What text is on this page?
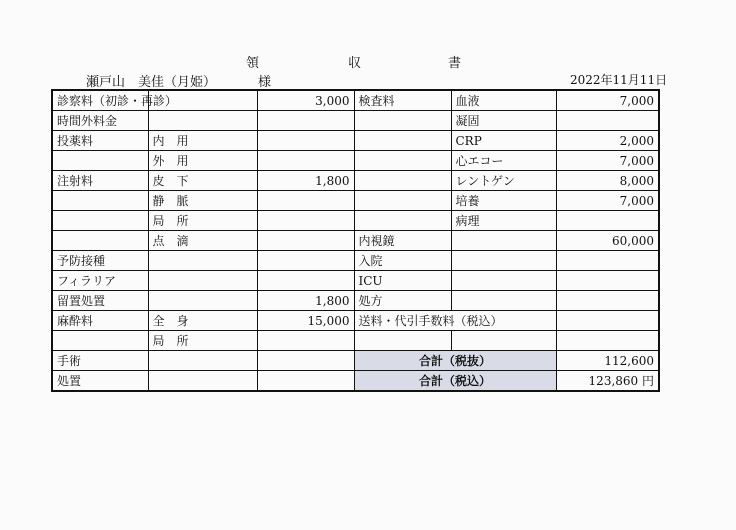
領	収	書
瀬戸山　美佳（月姫）	様	2022年11月11日
診察料（初診・再診）		3,000	検査料	血液	7,000
時間外料金				凝固	
投薬料	内　用			CRP	2,000
	外　用			心エコー	7,000
注射料	皮　下	1,800		レントゲン	8,000
	静　脈			培養	7,000
	局　所			病理	
	点　滴		内視鏡		60,000
予防接種			入院		
フィラリア			ICU		
留置処置		1,800	処方		
麻酔料	全　身	15,000	送料・代引手数料（税込）		
	局　所				
手術			合計（税抜）		112,600
処置			合計（税込）		123,860 円
